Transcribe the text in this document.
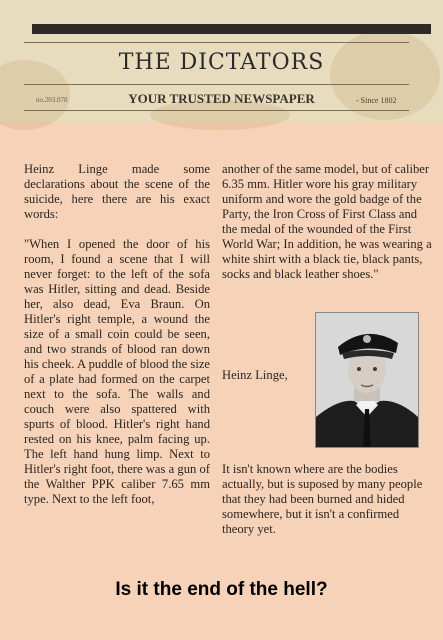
THE DICTATORS
no.203.078	YOUR TRUSTED NEWSPAPER	- Since 1802

Heinz Linge made some declarations about the scene of the suicide, here there are his exact words:

"When I opened the door of his room, I found a scene that I will never forget: to the left of the sofa was Hitler, sitting and dead. Beside her, also dead, Eva Braun. On Hitler's right temple, a wound the size of a small coin could be seen, and two strands of blood ran down his cheek. A puddle of blood the size of a plate had formed on the carpet next to the sofa. The walls and couch were also spattered with spurts of blood. Hitler's right hand rested on his knee, palm facing up. The left hand hung limp. Next to Hitler's right foot, there was a gun of the Walther PPK caliber 7.65 mm type. Next to the left foot,

another of the same model, but of caliber 6.35 mm. Hitler wore his gray military uniform and wore the gold badge of the Party, the Iron Cross of First Class and the medal of the wounded of the First World War; In addition, he was wearing a white shirt with a black tie, black pants, socks and black leather shoes."

Heinz Linge,

It isn't known where are the bodies actually, but is suposed by many people that they had been burned and hided somewhere, but it isn't a confirmed theory yet.

Is it the end of the hell?
